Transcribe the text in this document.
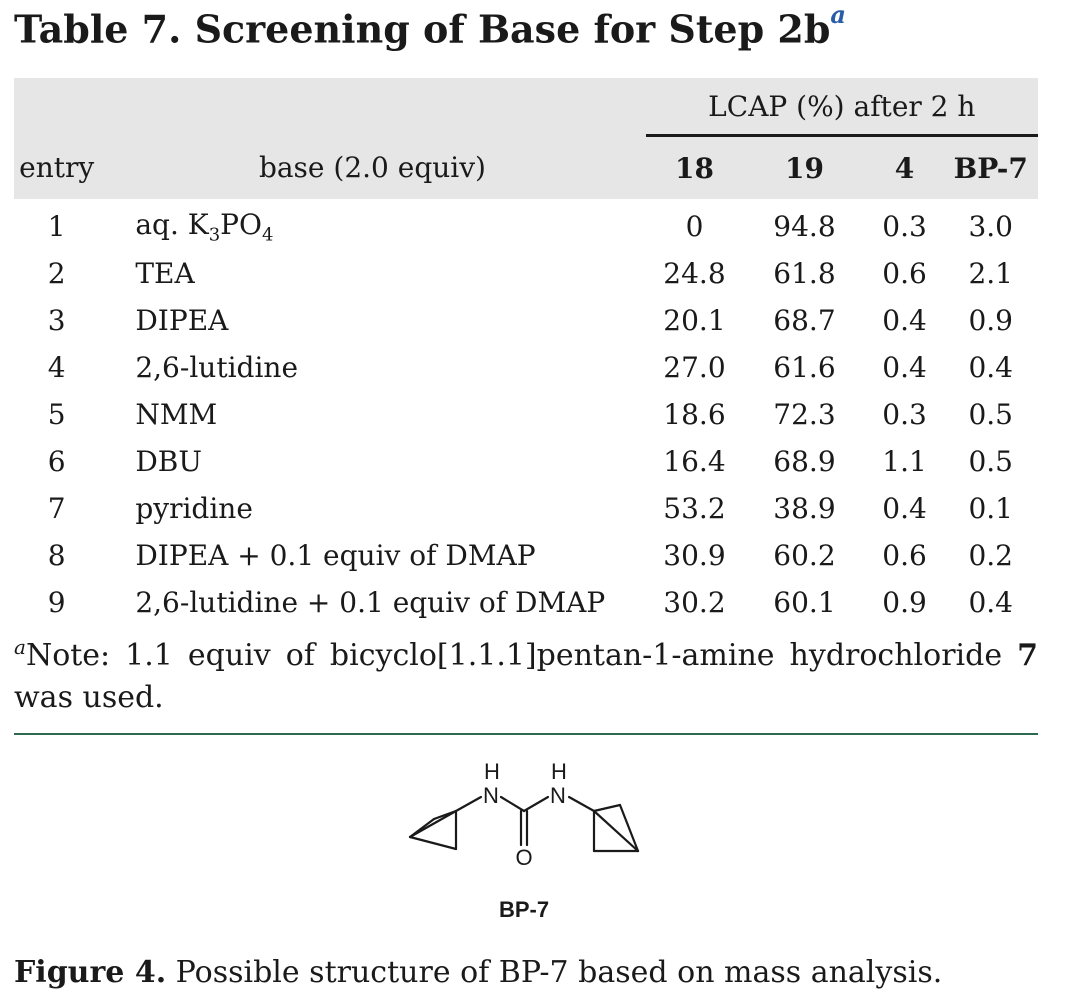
Table 7. Screening of Base for Step $2b^a$
		LCAP (%) after 2 h			
entry	base (2.0 equiv)	18	19	4	BP-7
1	aq. $K_3PO_4$	0	94.8	0.3	3.0
2	TEA	24.8	61.8	0.6	2.1
3	DIPEA	20.1	68.7	0.4	0.9
4	2,6-lutidine	27.0	61.6	0.4	0.4
5	NMM	18.6	72.3	0.3	0.5
6	DBU	16.4	68.9	1.1	0.5
7	pyridine	53.2	38.9	0.4	0.1
8	DIPEA + 0.1 equiv of DMAP	30.9	60.2	0.6	0.2
9	2,6-lutidine + 0.1 equiv of DMAP	30.2	60.1	0.9	0.4
$^a$Note: 1.1 equiv of bicyclo[1.1.1]pentan-1-amine hydrochloride 7 was used.
H
N
H
N
O
BP-7
Figure 4. Possible structure of BP-7 based on mass analysis.
